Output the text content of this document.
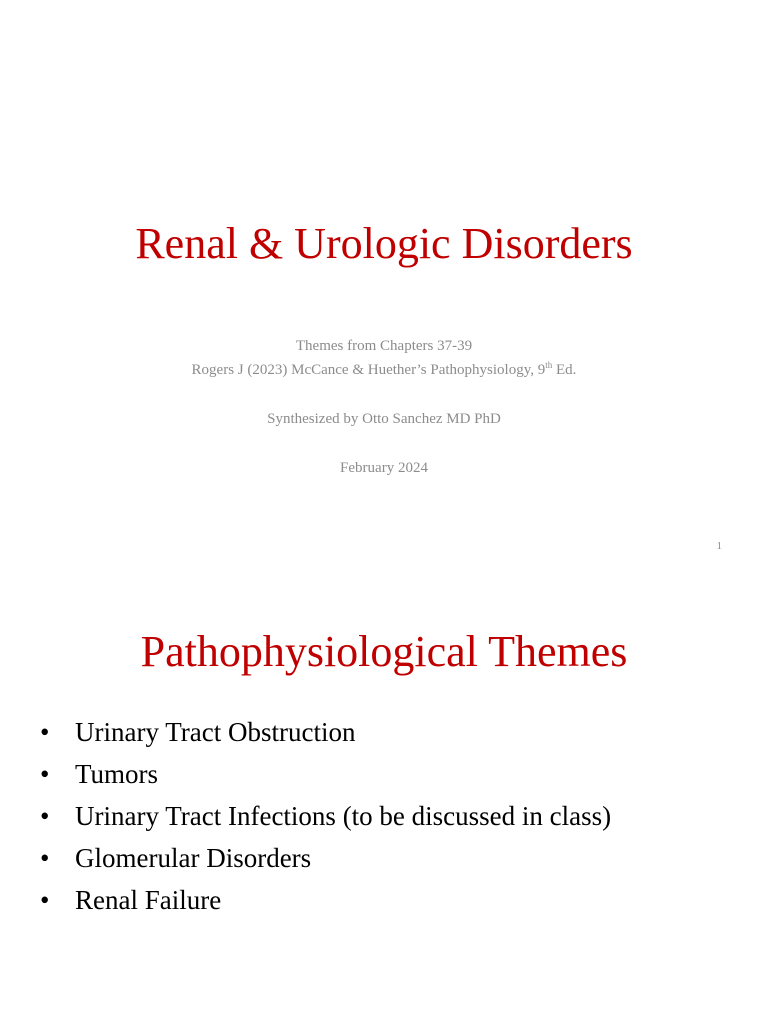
Renal & Urologic Disorders
Themes from Chapters 37-39
Rogers J (2023) McCance & Huether’s Pathophysiology, 9th Ed.
Synthesized by Otto Sanchez MD PhD
February 2024
1
Pathophysiological Themes
• Urinary Tract Obstruction
• Tumors
• Urinary Tract Infections (to be discussed in class)
• Glomerular Disorders
• Renal Failure
